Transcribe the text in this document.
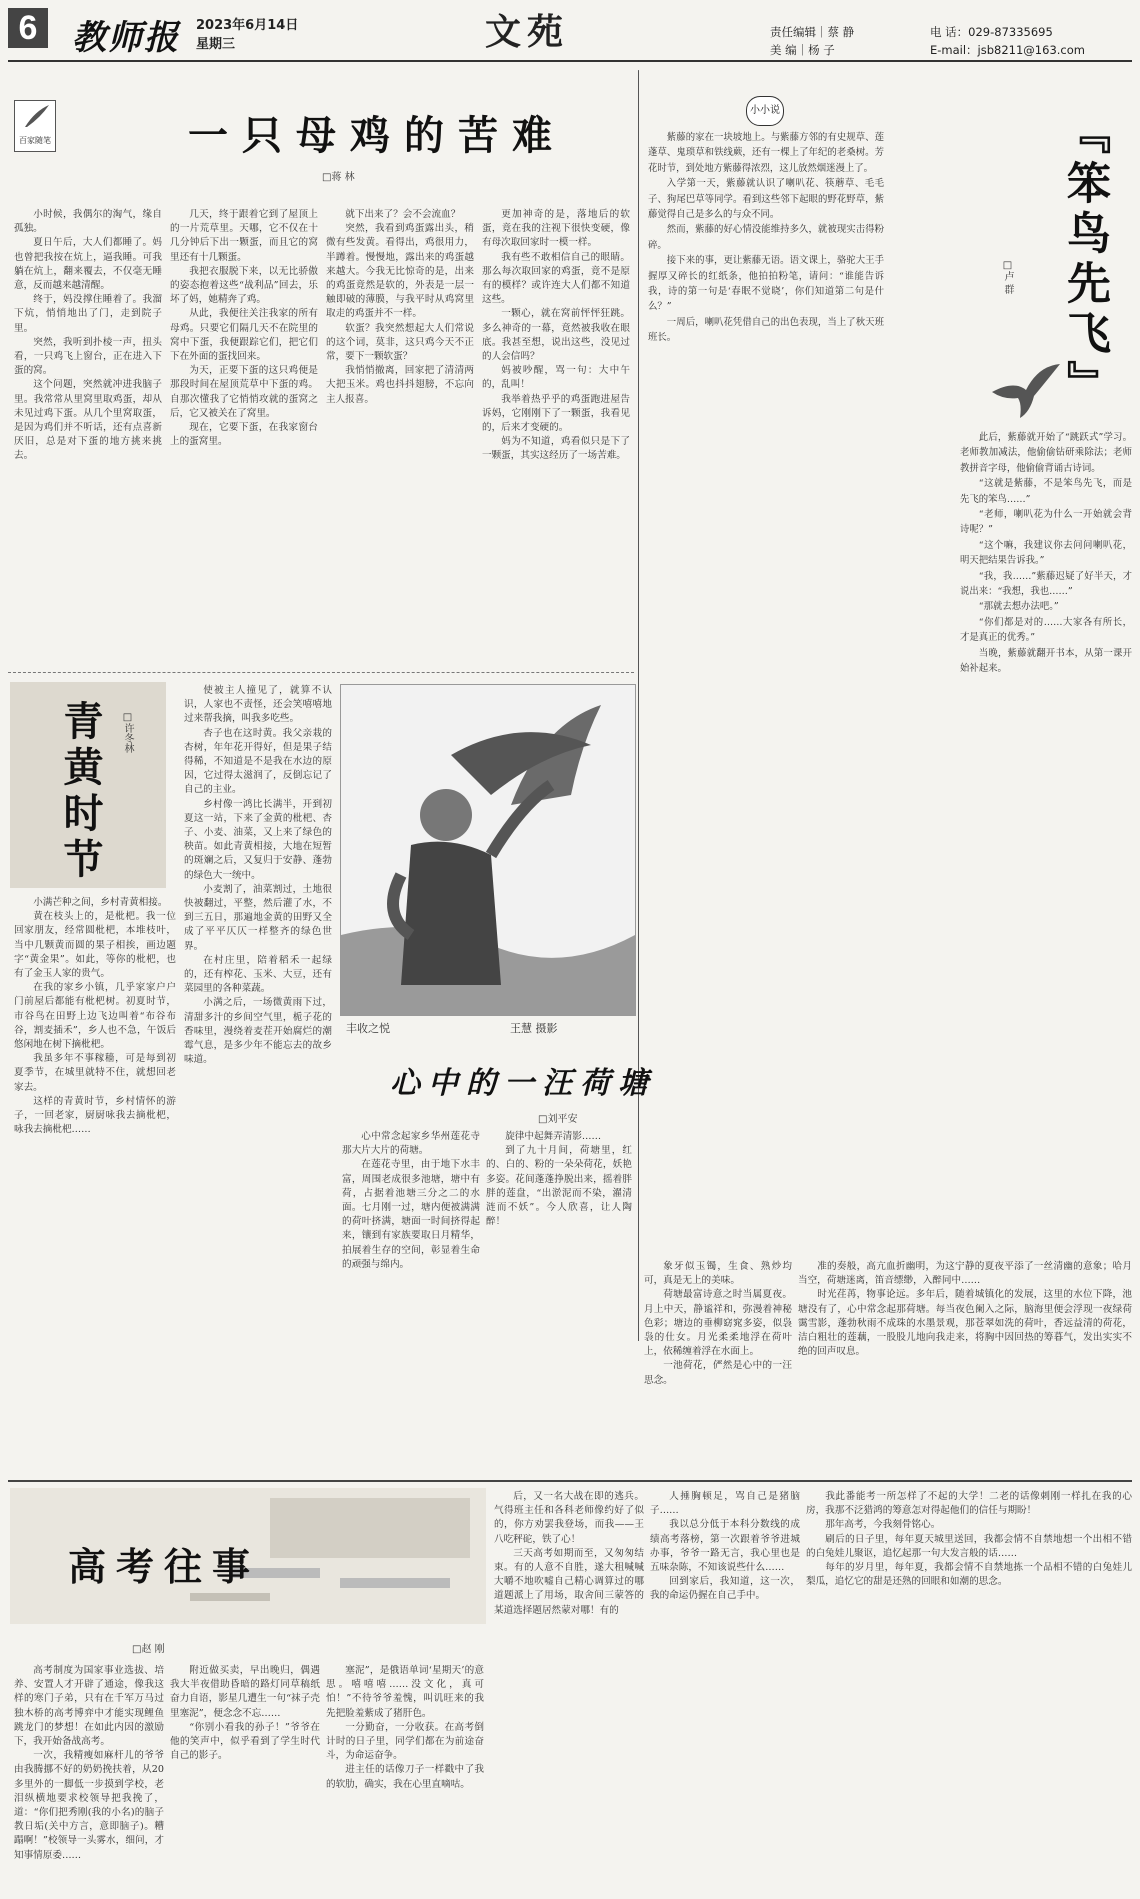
6	教师报 2023年6月14日
星期三	文苑	责任编辑｜蔡 静	电 话：029-87335695
美 编｜杨 子	E-mail：jsb8211@163.com
百家随笔	一只母鸡的苦难
□蒋 林

小时候，我偶尔的淘气，缘自孤独。

夏日午后，大人们都睡了。妈也曾把我按在炕上，逼我睡。可我躺在炕上，翻来覆去，不仅毫无睡意，反而越来越清醒。

终于，妈没撑住睡着了。我溜下炕，悄悄地出了门，走到院子里。

突然，我听到扑棱一声，扭头看，一只鸡飞上窗台，正在进入下蛋的窝。

这个问题，突然就冲进我脑子里。我常常从里窝里取鸡蛋，却从未见过鸡下蛋。从几个里窝取蛋，是因为鸡们并不听话，还有点喜新厌旧，总是对下蛋的地方挑来挑去。

几天，终于跟着它到了屋顶上的一片荒草里。天哪，它不仅在十几分钟后下出一颗蛋，而且它的窝里还有十几颗蛋。

我把衣服脱下来，以无比骄傲的姿态抱着这些“战利品”回去，乐坏了妈，她精奔了鸡。

从此，我便往关注我家的所有母鸡。只要它们隔几天不在院里的窝中下蛋，我便跟踪它们，把它们下在外面的蛋找回来。

为天，正要下蛋的这只鸡便是那段时间在屋顶荒草中下蛋的鸡。自那次懂我了它悄悄攻就的蛋窝之后，它又被关在了窝里。

现在，它要下蛋，在我家窗台上的蛋窝里。

就下出来了？会不会流血？

突然，我看到鸡蛋露出头，稍微有些发黄。看得出，鸡很用力，半蹲着。慢慢地，露出来的鸡蛋越来越大。今我无比惊奇的是，出来的鸡蛋竟然是软的，外表是一层一触即破的薄膜，与我平时从鸡窝里取走的鸡蛋并不一样。

软蛋？我突然想起大人们常说的这个词，莫非，这只鸡今天不正常，要下一颗软蛋？

我悄悄撤离，回家把了清清两大把玉米。鸡也抖抖翅膀，不忘向主人报喜。

更加神奇的是，落地后的软蛋，竟在我的注视下很快变硬，像有母次取回家时一模一样。

我有些不敢相信自己的眼睛。那么每次取回家的鸡蛋，竟不是原有的模样？或许连大人们都不知道这些。

一颗心，就在窝前怦怦狂跳。多么神奇的一幕，竟然被我收在眼底。我甚至想，说出这些，没见过的人会信吗？

妈被吵醒，骂一句：大中午的，乱叫！

我举着热乎乎的鸡蛋跑进屋告诉妈，它刚刚下了一颗蛋，我看见的，后来才变硬的。

妈为不知道，鸡看似只是下了一颗蛋，其实这经历了一场苦难。

小小说	『笨鸟先飞』
□卢 群

紫藤的家在一块坡地上。与紫藤方邻的有史规草、莲蓬草、鬼琐草和铁线蕨，还有一棵上了年纪的老桑树。芳花时节，到处地方紫藤得浓烈，这儿放然烟迷漫上了。

入学第一天，紫藤就认识了喇叭花、筷蘑草、毛毛子、狗尾巴草等同学。看到这些邻下起眼的野花野草，紫藤觉得自己是多么的与众不同。

然而，紫藤的好心情没能维持多久，就被现实击得粉碎。

接下来的事，更让紫藤无语。语文课上，骆驼大王手握厚又碎长的红纸条，他拍拍粉笔，请问：“谁能告诉我，诗的第一句是‘春眠不觉晓’，你们知道第二句是什么？”

一周后，喇叭花凭借自己的出色表现，当上了秋天班班长。

此后，紫藤就开始了“跳跃式”学习。老师教加减法，他偷偷钻研乘除法；老师教拼音字母，他偷偷背诵古诗词。

“这就是紫藤，不是笨鸟先飞，而是先飞的笨鸟……”

“老师，喇叭花为什么一开始就会背诗呢？”

“这个嘛，我建议你去问问喇叭花，明天把结果告诉我。”

“我，我……”紫藤迟疑了好半天，才说出来：“我想，我也……”

“那就去想办法吧。”

“你们都是对的……大家各有所长，才是真正的优秀。”

当晚，紫藤就翻开书本，从第一课开始补起来。

青黄时节	□许冬林

小满芒种之间，乡村青黄相接。

黄在枝头上的，是枇杷。我一位回家朋友，经常圆枇杷，本堆枝叶，当中几颗黄而圆的果子相挨，画边题字“黄金果”。如此，等你的枇杷，也有了金玉人家的贵气。

在我的家乡小镇，几乎家家户户门前屋后都能有枇杷树。初夏时节，市谷鸟在田野上边飞边叫着“布谷布谷，割麦插禾”，乡人也不急，午饭后悠闲地在树下摘枇杷。

我虽多年不事稼穑，可是每到初夏季节，在城里就特不住，就想回老家去。

这样的青黄时节，乡村情怀的游子，一回老家，厨厨咏我去摘枇杷，咏我去摘枇杷……

使被主人撞见了，就算不认识，人家也不责怪，还会笑嘻嘻地过来帮我摘，叫我多吃些。

杏子也在这时黄。我父亲栽的杏树，年年花开得好，但是果子结得稀，不知道是不是我在水边的原因，它过得太滋润了，反倒忘记了自己的主业。

乡村像一鸿比长满半，开到初夏这一站，下来了金黄的枇杷、杏子、小麦、油菜，又上来了绿色的秧苗。如此青黄相接，大地在短暂的斑斓之后，又复归于安静、蓬勃的绿色大一统中。

小麦割了，油菜割过，土地很快被翻过，平整，然后灌了水，不到三五日，那遍地金黄的田野又全成了平平仄仄一样整齐的绿色世界。

在村庄里，陪着稻禾一起绿的，还有榨花、玉米、大豆，还有菜园里的各种菜蔬。

小满之后，一场微黄雨下过，清甜多汁的乡间空气里，栀子花的香味里，漫绕着麦茬开始腐烂的潮霉气息，是多少年不能忘去的故乡味道。

丰收之悦	王慧 摄影
心中的一汪荷塘
□刘平安

心中常念起家乡华州莲花寺那大片大片的荷塘。

在莲花寺里，由于地下水丰富，周围老成很多池塘，塘中有荷，占据着池塘三分之二的水面。七月刚一过，塘内便被满满的荷叶挤满，塘面一时间挤得起来，镶到有家族要取日月精华，拍展着生存的空间，彰显着生命的顽强与绵内。

旋律中起舞弄清影……

到了九十月间，荷塘里，红的、白的、粉的一朵朵荷花，妖艳多姿。花间蓬蓬挣脱出来，摇着胖胖的莲盘，“出淤泥而不染，濯清涟而不妖”。今人欣喜，让人陶醉！

象牙似玉镯，生食、熟炒均可，真是无上的美味。

荷塘最富诗意之时当属夏夜。月上中天，静谧祥和，弥漫着神秘色彩；塘边的垂柳窈窕多姿，似袅袅的仕女。月光柔柔地浮在荷叶上，依稀缠着浮在水面上。

一池荷花，俨然是心中的一汪思念。

准的奏般，高亢血折幽明，为这宁静的夏夜平添了一丝清幽的意象；哈月当空，荷塘迷离，笛音缥缈，入醉同中……

时光荏苒，物事论远。多年后，随着城镇化的发展，这里的水位下降，池塘没有了，心中常念起那荷塘。每当夜色阑入之际，脑海里便会浮现一夜绿荷霭雪影，蓬勃秋雨不成珠的水墨景观，那苍翠如洗的荷叶，香远益清的荷花，洁白粗壮的莲藕，一股股儿地向我走来，将胸中因回热的筹暮气，发出实实不绝的回声叹息。

高考往事
□赵 刚

高考制度为国家事业选拔、培养、安置人才开辟了通途，像我这样的寒门子弟，只有在千军万马过独木桥的高考博弈中才能实现鲤鱼跳龙门的梦想！在如此内因的激励下，我开始备战高考。

一次，我精瘦如麻杆儿的爷爷由我腾挪不好的奶奶挽扶着，从20多里外的一脚低一步摸到学校，老泪纵横地要求校领导把我挽了，道：“你们把秀刚(我的小名)的脑子教日垢(关中方言，意即脑子)。糟蹋啊！”校领导一头雾水，细问，才知事情原委……

附近做买卖，早出晚归，偶遇我大半夜借助昏暗的路灯同草稿纸奋力自语，影星几遭生一句“袜子壳里塞泥”，便念念不忘……

“你别小看我的孙子！”爷爷在他的笑声中，似乎看到了学生时代自己的影子。

塞泥”，是俄语单词‘星期天’的意思。嘻嘻嘻……没文化，真可怕！”不待爷爷羞愧，叫讥旺来的我先把脸羞紫成了猪肝色。

一分勤奋，一分收获。在高考倒计时的日子里，同学们都在为前途奋斗，为命运奋争。

进主任的话像刀子一样戳中了我的软肋，确实，我在心里直嘀咕。

后，又一名大战在即的逃兵。气得班主任和各科老师像约好了似的，你方劝罢我登场，而我——王八吃秤砣，铁了心！

三天高考如期而至，又匆匆结束。有的人意不自胜，遂大租喊喊大嚼不地吹嘘自己精心调算过的哪道题派上了用场，取舍间三蒙答的某道选择题居然蒙对哪！有的

人捶胸顿足，骂自己是猪脑子……

我以总分低于本科分数线的成绩高考落榜，第一次跟着爷爷进城办事，爷爷一路无言，我心里也是五味杂陈，不知该说些什么……

回到家后，我知道，这一次，我的命运仍握在自己手中。

我此番能考一所怎样了不起的大学！二老的话像刺刚一样扎在我的心房，我那不泛猎鸿的筹意怎对得起他们的信任与期盼！

那年高考，今我刻骨铭心。

刷后的日子里，每年夏天城里送回，我都会情不自禁地想一个出相不错的白兔娃儿聚讴，追忆起那一句大发言般的话……

每年的岁月里，每年夏，我都会情不自禁地拣一个品相不错的白兔娃儿梨瓜，追忆它的甜是还熟的回眼和如潮的思念。
